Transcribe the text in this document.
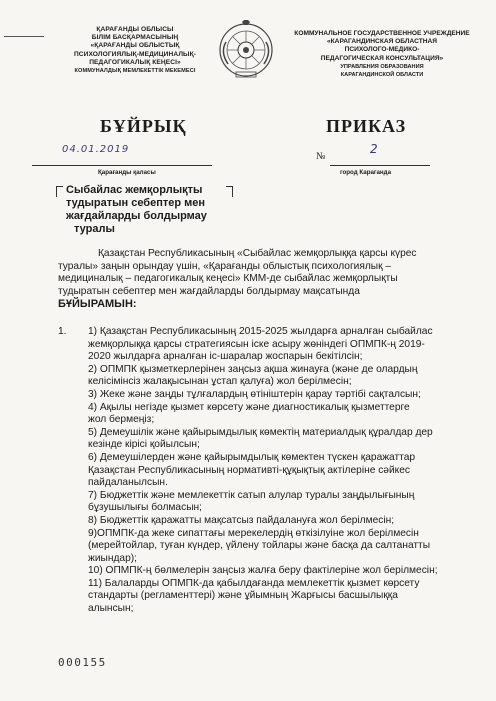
ҚАРАҒАНДЫ ОБЛЫСЫ
БІЛІМ БАСҚАРМАСЫНЫҢ
«ҚАРАҒАНДЫ ОБЛЫСТЫҚ
ПСИХОЛОГИЯЛЫҚ-МЕДИЦИНАЛЫҚ-
ПЕДАГОГИКАЛЫҚ КЕҢЕСІ»
КОММУНАЛДЫҚ МЕМЛЕКЕТТІК МЕКЕМЕСІ
КОММУНАЛЬНОЕ ГОСУДАРСТВЕННОЕ УЧРЕЖДЕНИЕ
«КАРАГАНДИНСКАЯ ОБЛАСТНАЯ
ПСИХОЛОГО-МЕДИКО-
ПЕДАГОГИЧЕСКАЯ КОНСУЛЬТАЦИЯ»
УПРАВЛЕНИЯ ОБРАЗОВАНИЯ
КАРАГАНДИНСКОЙ ОБЛАСТИ
БҰЙРЫҚ	ПРИКАЗ
04.01.2019
№
2
Қарағанды қаласы	город Караганда
Сыбайлас жемқорлықты
тудыратын себептер мен
жағдайларды болдырмау
туралы
Қазақстан Республикасының «Сыбайлас жемқорлыққа қарсы күрес
туралы» заңын орындау үшін, «Қарағанды облыстық психологиялық –
медициналық – педагогикалық кеңесі» КММ-де сыбайлас жемқорлықты
тудыратын себептер мен жағдайларды болдырмау мақсатында
БҰЙЫРАМЫН:
1. 1) Қазақстан Республикасының 2015-2025 жылдарға арналған сыбайлас
жемқорлыққа қарсы стратегиясын іске асыру жөніндегі ОПМПК-ң 2019-
2020 жылдарға арналған іс-шаралар жоспарын бекітілсін;
2) ОПМПК қызметкерлерінен заңсыз ақша жинауға (және де олардың
келісімінсіз жалақысынан ұстап қалуға) жол берілмесін;
3) Жеке және заңды тұлғалардың өтініштерін қарау тәртібі сақталсын;
4) Ақылы негізде қызмет көрсету және диагностикалық қызметтерге
жол бермеңіз;
5) Демеушілік және қайырымдылық көмектің материалдық құралдар дер
кезінде кірісі қойылсын;
6) Демеушілерден және қайырымдылық көмектен түскен қаражаттар
Қазақстан Республикасының нормативті-құқықтық актілеріне сәйкес
пайдаланылсын.
7) Бюджеттік және мемлекеттік сатып алулар туралы заңдылығының
бұзушылығы болмасын;
8) Бюджеттік қаражатты мақсатсыз пайдалануға жол берілмесін;
9)ОПМПК-да жеке сипаттағы мерекелердің өткізілуіне жол берілмесін
(мерейтойлар, туған күндер, үйлену тойлары және басқа да салтанатты
жиындар);
10) ОПМПК-ң бөлмелерін заңсыз жалға беру фактілеріне жол берілмесін;
11) Балаларды ОПМПК-да қабылдағанда мемлекеттік қызмет көрсету
стандарты (регламенттері) және ұйымның Жарғысы басшылыққа
алынсын;
000155
